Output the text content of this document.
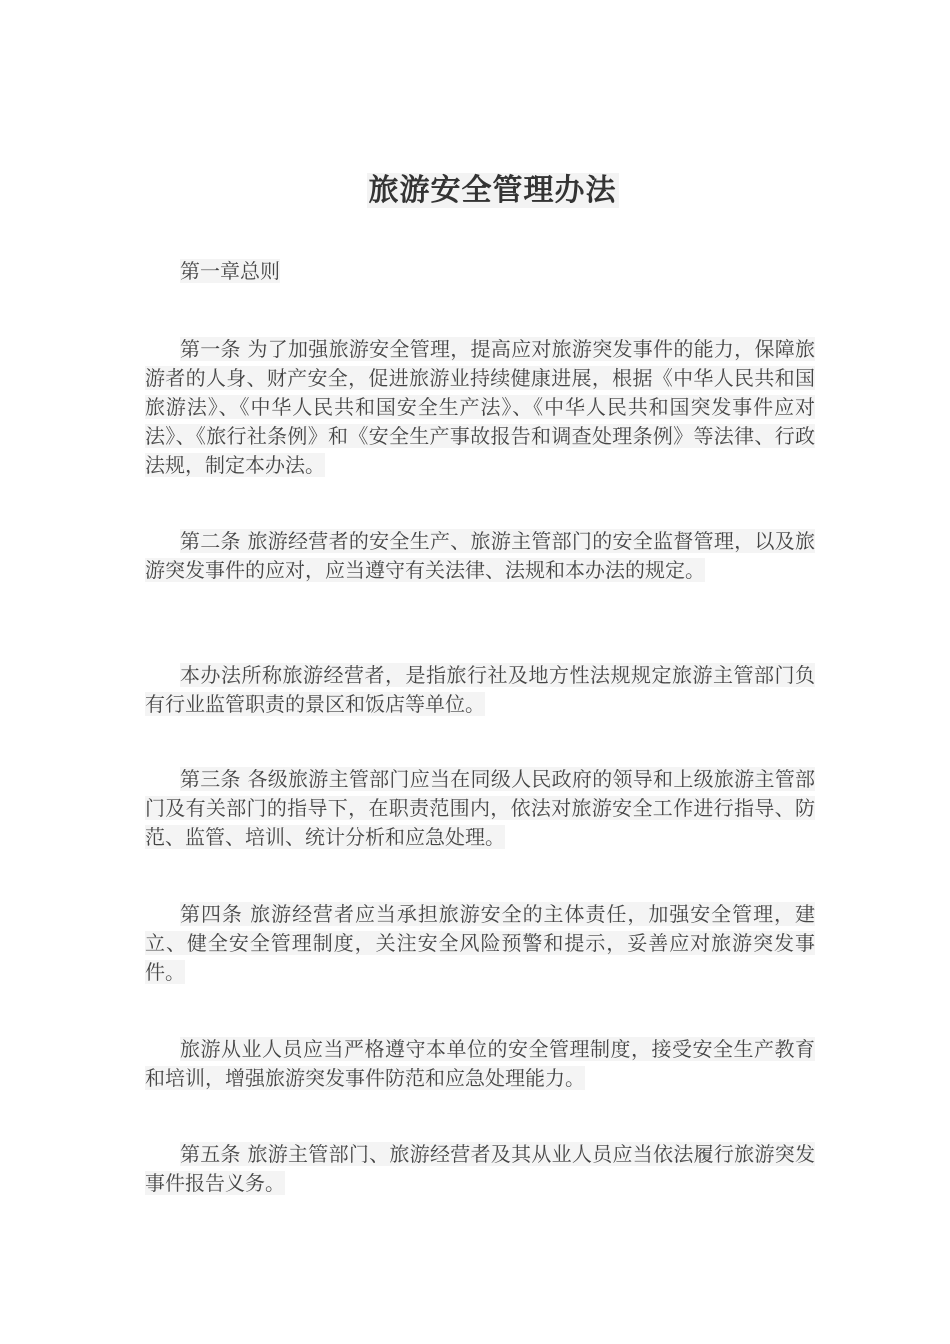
旅游安全管理办法
第一章总则
第一条 为了加强旅游安全管理，提高应对旅游突发事件的能力，保障旅游者的人身、财产安全，促进旅游业持续健康进展，根据《中华人民共和国旅游法》、《中华人民共和国安全生产法》、《中华人民共和国突发事件应对法》、《旅行社条例》和《安全生产事故报告和调查处理条例》等法律、行政法规，制定本办法。
第二条 旅游经营者的安全生产、旅游主管部门的安全监督管理，以及旅游突发事件的应对，应当遵守有关法律、法规和本办法的规定。
本办法所称旅游经营者，是指旅行社及地方性法规规定旅游主管部门负有行业监管职责的景区和饭店等单位。
第三条 各级旅游主管部门应当在同级人民政府的领导和上级旅游主管部门及有关部门的指导下，在职责范围内，依法对旅游安全工作进行指导、防范、监管、培训、统计分析和应急处理。
第四条 旅游经营者应当承担旅游安全的主体责任，加强安全管理，建立、健全安全管理制度，关注安全风险预警和提示，妥善应对旅游突发事件。
旅游从业人员应当严格遵守本单位的安全管理制度，接受安全生产教育和培训，增强旅游突发事件防范和应急处理能力。
第五条 旅游主管部门、旅游经营者及其从业人员应当依法履行旅游突发事件报告义务。
